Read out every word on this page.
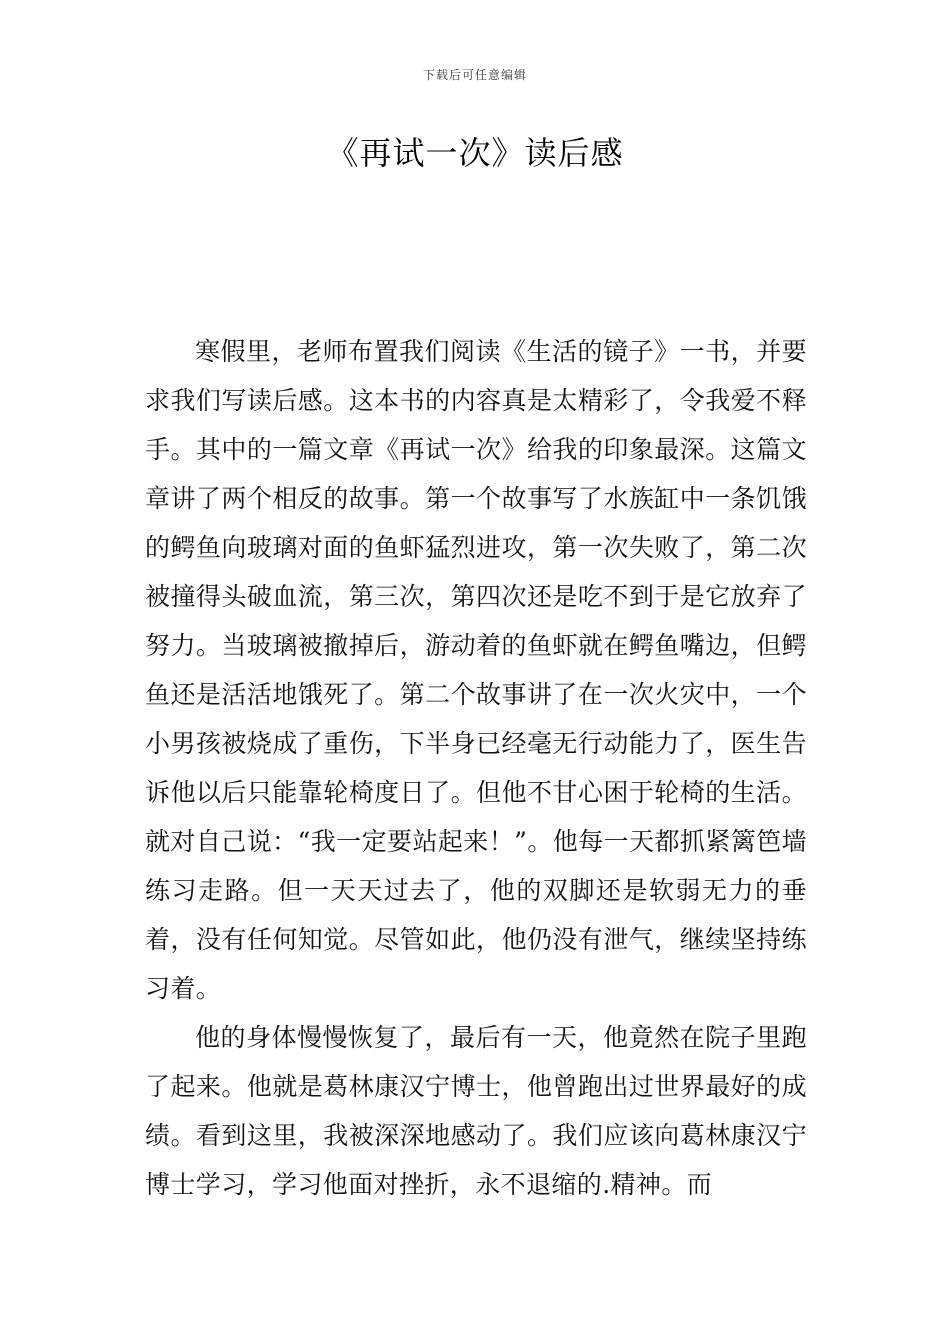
下载后可任意编辑
《再试一次》读后感

寒假里，老师布置我们阅读《生活的镜子》一书，并要求我们写读后感。这本书的内容真是太精彩了，令我爱不释手。其中的一篇文章《再试一次》给我的印象最深。这篇文章讲了两个相反的故事。第一个故事写了水族缸中一条饥饿的鳄鱼向玻璃对面的鱼虾猛烈进攻，第一次失败了，第二次被撞得头破血流，第三次，第四次还是吃不到于是它放弃了努力。当玻璃被撤掉后，游动着的鱼虾就在鳄鱼嘴边，但鳄鱼还是活活地饿死了。第二个故事讲了在一次火灾中，一个小男孩被烧成了重伤，下半身已经毫无行动能力了，医生告诉他以后只能靠轮椅度日了。但他不甘心困于轮椅的生活。就对自己说：“我一定要站起来！”。他每一天都抓紧篱笆墙练习走路。但一天天过去了，他的双脚还是软弱无力的垂着，没有任何知觉。尽管如此，他仍没有泄气，继续坚持练习着。

他的身体慢慢恢复了，最后有一天，他竟然在院子里跑了起来。他就是葛林康汉宁博士，他曾跑出过世界最好的成绩。看到这里，我被深深地感动了。我们应该向葛林康汉宁博士学习，学习他面对挫折，永不退缩的.精神。而
